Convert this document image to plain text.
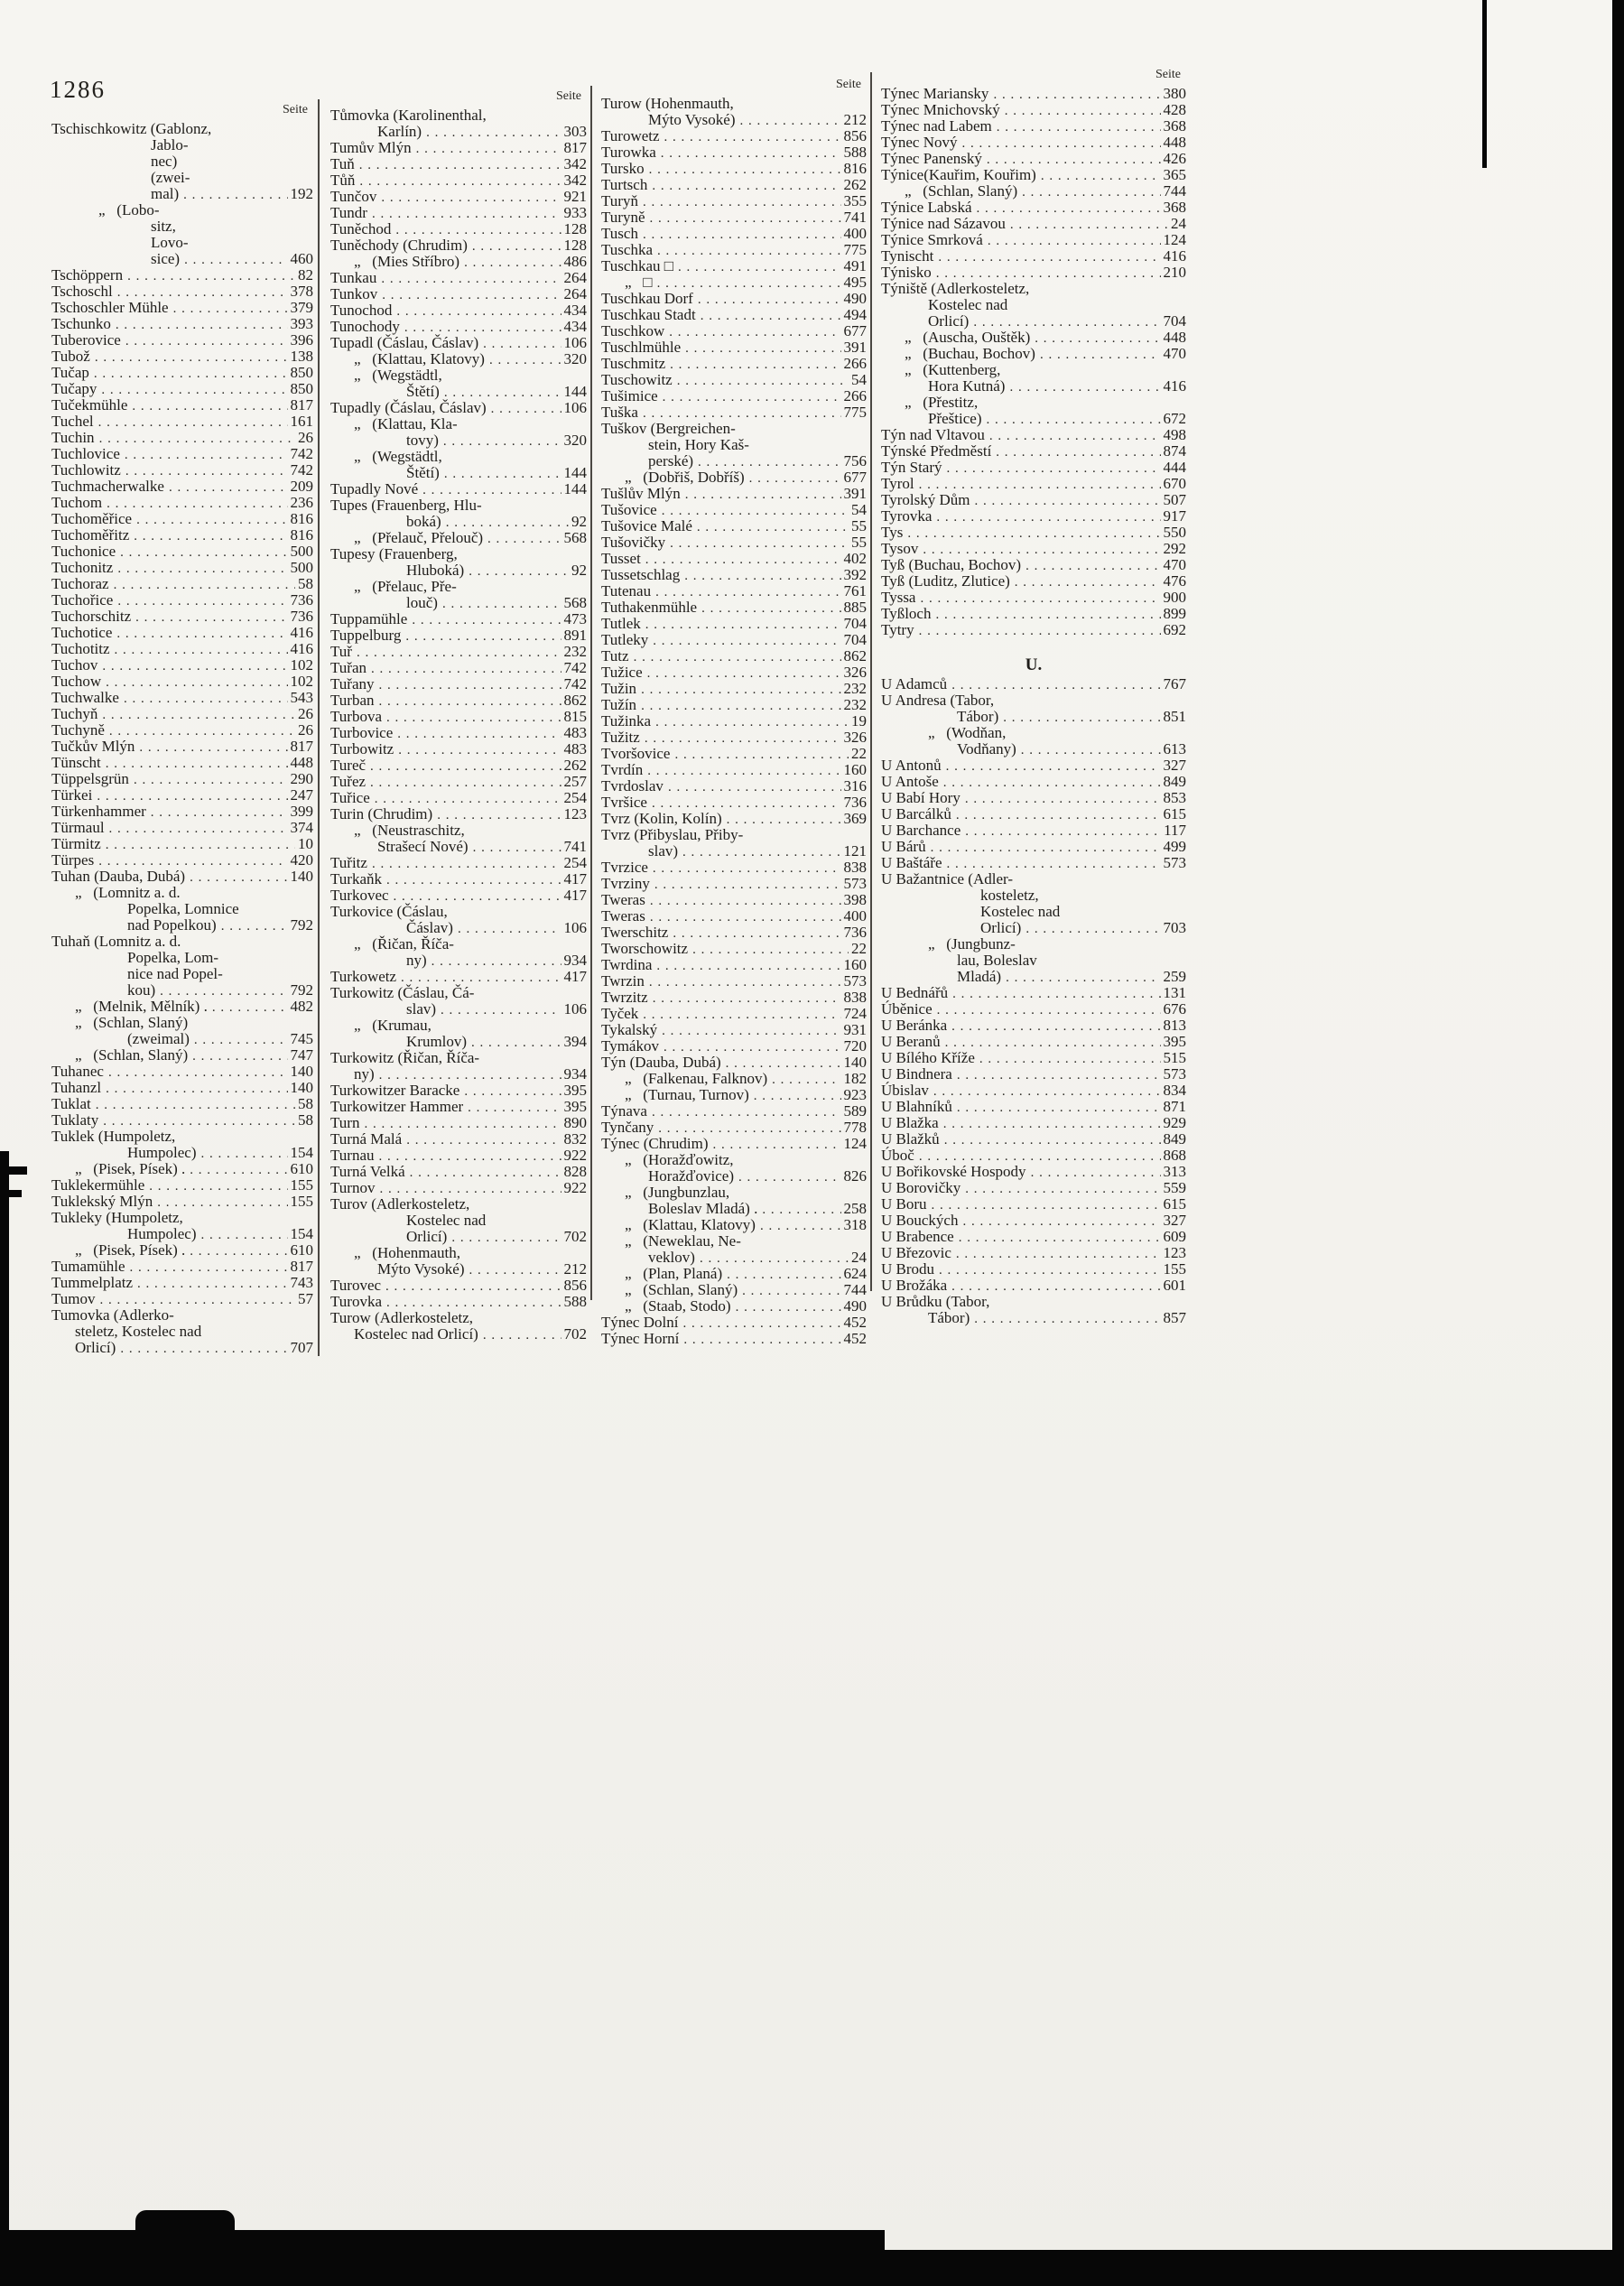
1286
Seite
Tschischkowitz (Gablonz,
Jablo-
nec)
(zwei-
mal) . . .	192
„   (Lobo-
sitz,
Lovo-
sice) . . .	460
Tschöppern . . .	82
Tschoschl . . .	378
Tschoschler Mühle . . .	379
Tschunko . . .	393
Tuberovice . . .	396
Tubož . . .	138
Tučap . . .	850
Tučapy . . .	850
Tučekmühle . . .	817
Tuchel . . .	161
Tuchin . . .	26
Tuchlovice . . .	742
Tuchlowitz . . .	742
Tuchmacherwalke . . .	209
Tuchom . . .	236
Tuchoměřice . . .	816
Tuchoměřitz . . .	816
Tuchonice . . .	500
Tuchonitz . . .	500
Tuchoraz . . .	58
Tuchořice . . .	736
Tuchorschitz . . .	736
Tuchotice . . .	416
Tuchotitz . . .	416
Tuchov . . .	102
Tuchow . . .	102
Tuchwalke . . .	543
Tuchyň . . .	26
Tuchyně . . .	26
Tučkův Mlýn . . .	817
Tünscht . . .	448
Tüppelsgrün . . .	290
Türkei . . .	247
Türkenhammer . . .	399
Türmaul . . .	374
Türmitz . . .	10
Türpes . . .	420
Tuhan (Dauba, Dubá) . . .	140
„   (Lomnitz a. d.
Popelka, Lomnice
nad Popelkou) . . .	792
Tuhaň (Lomnitz a. d.
Popelka, Lom-
nice nad Popel-
kou) . . .	792
„   (Melnik, Mělník) . . . .	482
„   (Schlan, Slaný)
(zweimal) . . .	745
„   (Schlan, Slaný) . . .	747
Tuhanec . . .	140
Tuhanzl . . .	140
Tuklat . . .	58
Tuklaty . . .	58
Tuklek (Humpoletz,
Humpolec) . . .	154
„   (Pisek, Písek) . . . .	610
Tuklekermühle . . .	155
Tuklekský Mlýn . . .	155
Tukleky (Humpoletz,
Humpolec) . . .	154
„   (Pisek, Písek) . . . .	610
Tumamühle . . .	817
Tummelplatz . . .	743
Tumov . . .	57
Tumovka (Adlerko-
steletz, Kostelec nad
Orlicí) . . .	707
Seite
Tůmovka (Karolinenthal,
Karlín) . . .	303
Tumův Mlýn . . .	817
Tuň . . .	342
Tůň . . .	342
Tunčov . . .	921
Tundr . . .	933
Tuněchod . . .	128
Tuněchody (Chrudim) . . .	128
„   (Mies Stříbro) . . .	486
Tunkau . . .	264
Tunkov . . .	264
Tunochod . . .	434
Tunochody . . .	434
Tupadl (Čáslau, Čáslav) . . .	106
„   (Klattau, Klatovy) . . .	320
„   (Wegstädtl,
Štětí) . . .	144
Tupadly (Čáslau, Čáslav) . . .	106
„   (Klattau, Kla-
tovy) . . .	320
„   (Wegstädtl,
Štětí) . . .	144
Tupadly Nové . . .	144
Tupes (Frauenberg, Hlu-
boká) . . .	92
„   (Přelauč, Přelouč) . . .	568
Tupesy (Frauenberg,
Hluboká) . . .	92
„   (Přelauc, Pře-
louč) . . .	568
Tuppamühle . . .	473
Tuppelburg . . .	891
Tuř . . .	232
Tuřan . . .	742
Tuřany . . .	742
Turban . . .	862
Turbova . . .	815
Turbovice . . .	483
Turbowitz . . .	483
Tureč . . .	262
Tuřez . . .	257
Tuřice . . .	254
Turin (Chrudim) . . .	123
„   (Neustraschitz,
Strašecí Nové) . . .	741
Tuřitz . . .	254
Turkaňk . . .	417
Turkovec . . .	417
Turkovice (Čáslau,
Čáslav) . . .	106
„   (Řičan, Říča-
ny) . . .	934
Turkowetz . . .	417
Turkowitz (Čáslau, Čá-
slav) . . .	106
„   (Krumau,
Krumlov) . . .	394
Turkowitz (Řičan, Říča-
ny) . . .	934
Turkowitzer Baracke . . .	395
Turkowitzer Hammer . . .	395
Turn . . .	890
Turná Malá . . .	832
Turnau . . .	922
Turná Velká . . .	828
Turnov . . .	922
Turov (Adlerkosteletz,
Kostelec nad
Orlicí) . . .	702
„   (Hohenmauth,
Mýto Vysoké) . . .	212
Turovec . . .	856
Turovka . . .	588
Turow (Adlerkosteletz,
Kostelec nad Orlicí) . . .	702
Seite
Turow (Hohenmauth,
Mýto Vysoké) . . .	212
Turowetz . . .	856
Turowka . . .	588
Tursko . . .	816
Turtsch . . .	262
Turyň . . .	355
Turyně . . .	741
Tusch . . .	400
Tuschka . . .	775
Tuschkau □ . . .	491
„   □ . . .	495
Tuschkau Dorf . . .	490
Tuschkau Stadt . . .	494
Tuschkow . . .	677
Tuschlmühle . . .	391
Tuschmitz . . .	266
Tuschowitz . . .	54
Tušimice . . .	266
Tuška . . .	775
Tuškov (Bergreichen-
stein, Hory Kaš-
perské) . . .	756
„   (Dobřiš, Dobříš) . . .	677
Tušlův Mlýn . . .	391
Tušovice . . .	54
Tušovice Malé . . .	55
Tušovičky . . .	55
Tusset . . .	402
Tussetschlag . . .	392
Tutenau . . .	761
Tuthakenmühle . . .	885
Tutlek . . .	704
Tutleky . . .	704
Tutz . . .	862
Tužice . . .	326
Tužin . . .	232
Tužín . . .	232
Tužinka . . .	19
Tužitz . . .	326
Tvoršovice . . .	22
Tvrdín . . .	160
Tvrdoslav . . .	316
Tvršice . . .	736
Tvrz (Kolin, Kolín) . . .	369
Tvrz (Přibyslau, Přiby-
slav) . . .	121
Tvrzice . . .	838
Tvrziny . . .	573
Tweras . . .	398
Tweras . . .	400
Twerschitz . . .	736
Tworschowitz . . .	22
Twrdina . . .	160
Twrzin . . .	573
Twrzitz . . .	838
Tyček . . .	724
Tykalský . . .	931
Tymákov . . .	720
Týn (Dauba, Dubá) . . .	140
„   (Falkenau, Falknov) . . .	182
„   (Turnau, Turnov) . . .	923
Týnava . . .	589
Tynčany . . .	778
Týnec (Chrudim) . . .	124
„   (Horažďowitz,
Horažďovice) . . .	826
„   (Jungbunzlau,
Boleslav Mladá) . . . .	258
„   (Klattau, Klatovy) . . .	318
„   (Neweklau, Ne-
veklov) . . .	24
„   (Plan, Planá) . . .	624
„   (Schlan, Slaný) . . .	744
„   (Staab, Stodo) . . .	490
Týnec Dolní . . .	452
Týnec Horní . . .	452
Seite
Týnec Mariansky . . .	380
Týnec Mnichovský . . .	428
Týnec nad Labem . . .	368
Týnec Nový . . .	448
Týnec Panenský . . .	426
Týnice(Kauřim, Kouřim) . . .	365
„   (Schlan, Slaný) . . .	744
Týnice Labská . . .	368
Týnice nad Sázavou . . .	24
Týnice Smrková . . .	124
Tynischt . . .	416
Týnisko . . .	210
Týniště (Adlerkosteletz,
Kostelec nad
Orlicí) . . .	704
„   (Auscha, Ouštěk) . . .	448
„   (Buchau, Bochov) . . .	470
„   (Kuttenberg,
Hora Kutná) . . .	416
„   (Přestitz,
Přeštice) . . .	672
Týn nad Vltavou . . .	498
Týnské Předměstí . . .	874
Týn Starý . . .	444
Tyrol . . .	670
Tyrolský Dům . . .	507
Tyrovka . . .	917
Tys . . .	550
Tysov . . .	292
Tyß (Buchau, Bochov) . . .	470
Tyß (Luditz, Zlutice) . . .	476
Tyssa . . .	900
Tyßloch . . .	899
Tytry . . .	692
U.
U Adamců . . .	767
U Andresa (Tabor,
Tábor) . . .	851
„   (Wodňan,
Vodňany) . . .	613
U Antonů . . .	327
U Antoše . . .	849
U Babí Hory . . .	853
U Barcálků . . .	615
U Barchance . . .	117
U Bárů . . .	499
U Baštáře . . .	573
U Bažantnice (Adler-
kosteletz,
Kostelec nad
Orlicí) . . .	703
„   (Jungbunz-
lau, Boleslav
Mladá) . . .	259
U Bednářů . . .	131
Úběnice . . .	676
U Beránka . . .	813
U Beranů . . .	395
U Bílého Kříže . . .	515
U Bindnera . . .	573
Úbislav . . .	834
U Blahníků . . .	871
U Blažka . . .	929
U Blažků . . .	849
Úboč . . .	868
U Bořikovské Hospody . . .	313
U Borovičky . . .	559
U Boru . . .	615
U Bouckých . . .	327
U Brabence . . .	609
U Březovic . . .	123
U Brodu . . .	155
U Brožáka . . .	601
U Brůdku (Tabor,
Tábor) . . .	857
